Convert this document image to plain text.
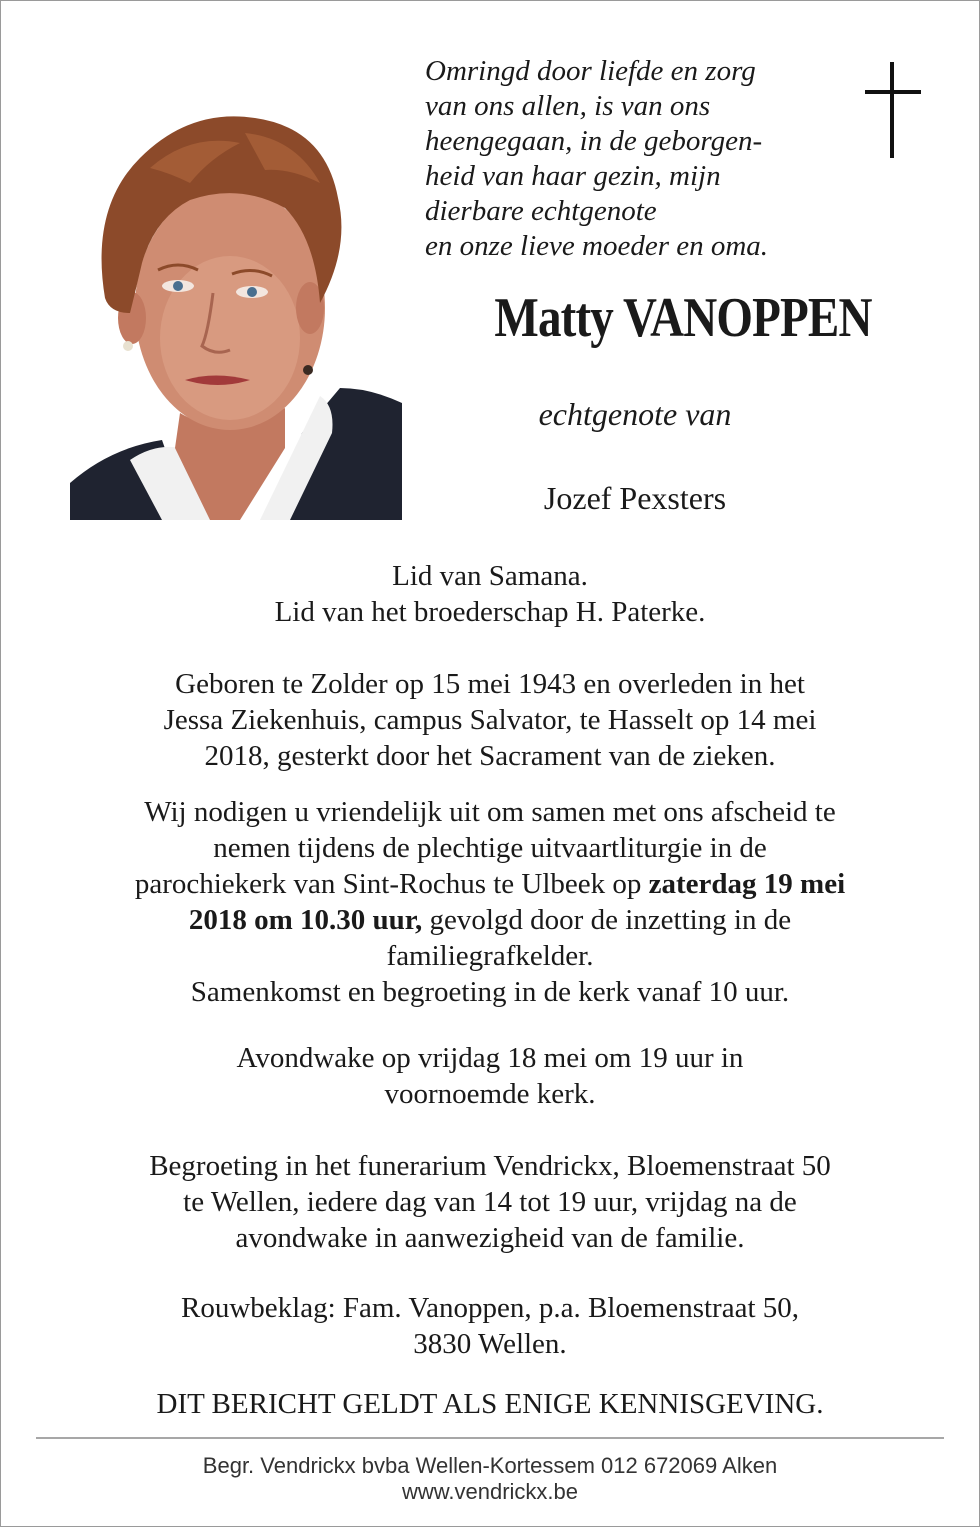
Omringd door liefde en zorg
van ons allen, is van ons
heengegaan, in de geborgen-
heid van haar gezin, mijn
dierbare echtgenote
en onze lieve moeder en oma.
Matty VANOPPEN
echtgenote van
Jozef Pexsters
Lid van Samana.
Lid van het broederschap H. Paterke.
Geboren te Zolder op 15 mei 1943 en overleden in het
Jessa Ziekenhuis, campus Salvator, te Hasselt op 14 mei
2018, gesterkt door het Sacrament van de zieken.
Wij nodigen u vriendelijk uit om samen met ons afscheid te
nemen tijdens de plechtige uitvaartliturgie in de
parochiekerk van Sint-Rochus te Ulbeek op zaterdag 19 mei
2018 om 10.30 uur, gevolgd door de inzetting in de
familiegrafkelder.
Samenkomst en begroeting in de kerk vanaf 10 uur.
Avondwake op vrijdag 18 mei om 19 uur in
voornoemde kerk.
Begroeting in het funerarium Vendrickx, Bloemenstraat 50
te Wellen, iedere dag van 14 tot 19 uur, vrijdag na de
avondwake in aanwezigheid van de familie.
Rouwbeklag: Fam. Vanoppen, p.a. Bloemenstraat 50,
3830 Wellen.
DIT BERICHT GELDT ALS ENIGE KENNISGEVING.
Begr. Vendrickx bvba Wellen-Kortessem 012 672069 Alken
www.vendrickx.be
